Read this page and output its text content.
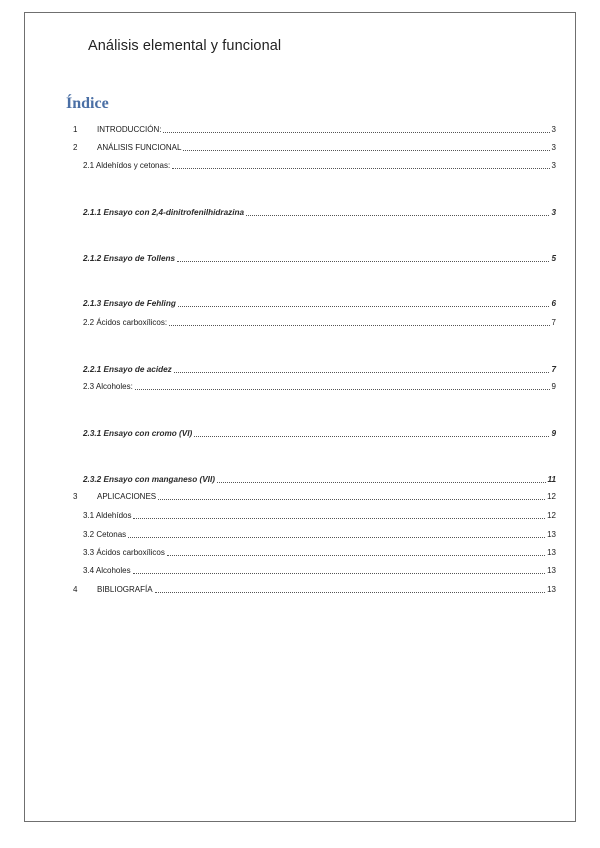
Análisis elemental y funcional
Índice
1	INTRODUCCIÓN:	3
2	ANÁLISIS FUNCIONAL	3
2.1 Aldehídos y cetonas:	3
2.1.1 Ensayo con 2,4-dinitrofenilhidrazina	3
2.1.2 Ensayo de Tollens	5
2.1.3 Ensayo de Fehling	6
2.2 Ácidos carboxílicos:	7
2.2.1 Ensayo de acidez	7
2.3 Alcoholes:	9
2.3.1 Ensayo con cromo (VI)	9
2.3.2 Ensayo con manganeso (VII)	11
3	APLICACIONES	12
3.1 Aldehídos	12
3.2 Cetonas	13
3.3 Ácidos carboxílicos	13
3.4 Alcoholes	13
4	BIBLIOGRAFÍA	13
